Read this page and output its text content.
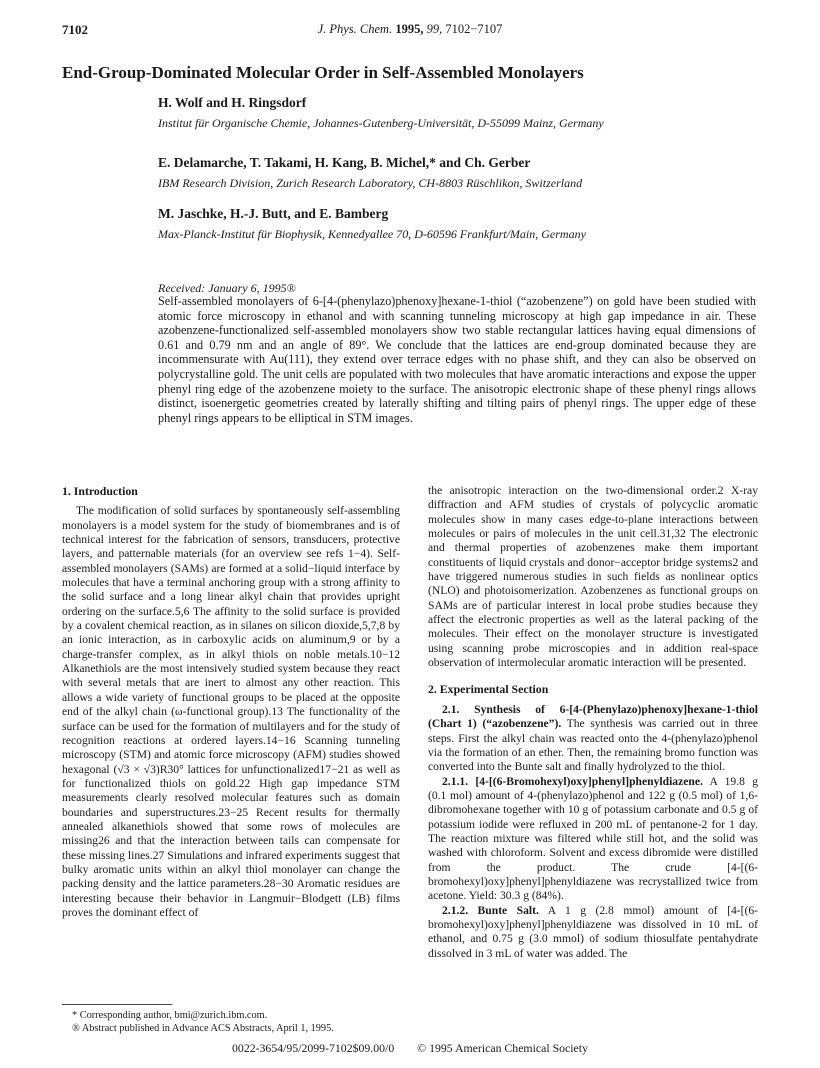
7102	J. Phys. Chem. 1995, 99, 7102−7107
End-Group-Dominated Molecular Order in Self-Assembled Monolayers
H. Wolf and H. Ringsdorf
Institut für Organische Chemie, Johannes-Gutenberg-Universität, D-55099 Mainz, Germany
E. Delamarche, T. Takami, H. Kang, B. Michel,* and Ch. Gerber
IBM Research Division, Zurich Research Laboratory, CH-8803 Rüschlikon, Switzerland
M. Jaschke, H.-J. Butt, and E. Bamberg
Max-Planck-Institut für Biophysik, Kennedyallee 70, D-60596 Frankfurt/Main, Germany
Received: January 6, 1995®

Self-assembled monolayers of 6-[4-(phenylazo)phenoxy]hexane-1-thiol (“azobenzene”) on gold have been studied with atomic force microscopy in ethanol and with scanning tunneling microscopy at high gap impedance in air. These azobenzene-functionalized self-assembled monolayers show two stable rectangular lattices having equal dimensions of 0.61 and 0.79 nm and an angle of 89°. We conclude that the lattices are end-group dominated because they are incommensurate with Au(111), they extend over terrace edges with no phase shift, and they can also be observed on polycrystalline gold. The unit cells are populated with two molecules that have aromatic interactions and expose the upper phenyl ring edge of the azobenzene moiety to the surface. The anisotropic electronic shape of these phenyl rings allows distinct, isoenergetic geometries created by laterally shifting and tilting pairs of phenyl rings. The upper edge of these phenyl rings appears to be elliptical in STM images.

1. Introduction

The modification of solid surfaces by spontaneously self-assembling monolayers is a model system for the study of biomembranes and is of technical interest for the fabrication of sensors, transducers, protective layers, and patternable materials (for an overview see refs 1−4). Self-assembled monolayers (SAMs) are formed at a solid−liquid interface by molecules that have a terminal anchoring group with a strong affinity to the solid surface and a long linear alkyl chain that provides upright ordering on the surface.5,6 The affinity to the solid surface is provided by a covalent chemical reaction, as in silanes on silicon dioxide,5,7,8 by an ionic interaction, as in carboxylic acids on aluminum,9 or by a charge-transfer complex, as in alkyl thiols on noble metals.10−12 Alkanethiols are the most intensively studied system because they react with several metals that are inert to almost any other reaction. This allows a wide variety of functional groups to be placed at the opposite end of the alkyl chain (ω-functional group).13 The functionality of the surface can be used for the formation of multilayers and for the study of recognition reactions at ordered layers.14−16 Scanning tunneling microscopy (STM) and atomic force microscopy (AFM) studies showed hexagonal (√3 × √3)R30° lattices for unfunctionalized17−21 as well as for functionalized thiols on gold.22 High gap impedance STM measurements clearly resolved molecular features such as domain boundaries and superstructures.23−25 Recent results for thermally annealed alkanethiols showed that some rows of molecules are missing26 and that the interaction between tails can compensate for these missing lines.27 Simulations and infrared experiments suggest that bulky aromatic units within an alkyl thiol monolayer can change the packing density and the lattice parameters.28−30 Aromatic residues are interesting because their behavior in Langmuir−Blodgett (LB) films proves the dominant effect of

the anisotropic interaction on the two-dimensional order.2 X-ray diffraction and AFM studies of crystals of polycyclic aromatic molecules show in many cases edge-to-plane interactions between molecules or pairs of molecules in the unit cell.31,32 The electronic and thermal properties of azobenzenes make them important constituents of liquid crystals and donor−acceptor bridge systems2 and have triggered numerous studies in such fields as nonlinear optics (NLO) and photoisomerization. Azobenzenes as functional groups on SAMs are of particular interest in local probe studies because they affect the electronic properties as well as the lateral packing of the molecules. Their effect on the monolayer structure is investigated using scanning probe microscopies and in addition real-space observation of intermolecular aromatic interaction will be presented.

2. Experimental Section

2.1. Synthesis of 6-[4-(Phenylazo)phenoxy]hexane-1-thiol (Chart 1) (“azobenzene”). The synthesis was carried out in three steps. First the alkyl chain was reacted onto the 4-(phenylazo)phenol via the formation of an ether. Then, the remaining bromo function was converted into the Bunte salt and finally hydrolyzed to the thiol.

2.1.1. [4-[(6-Bromohexyl)oxy]phenyl]phenyldiazene. A 19.8 g (0.1 mol) amount of 4-(phenylazo)phenol and 122 g (0.5 mol) of 1,6-dibromohexane together with 10 g of potassium carbonate and 0.5 g of potassium iodide were refluxed in 200 mL of pentanone-2 for 1 day. The reaction mixture was filtered while still hot, and the solid was washed with chloroform. Solvent and excess dibromide were distilled from the product. The crude [4-[(6-bromohexyl)oxy]phenyl]phenyldiazene was recrystallized twice from acetone. Yield: 30.3 g (84%).

2.1.2. Bunte Salt. A 1 g (2.8 mmol) amount of [4-[(6-bromohexyl)oxy]phenyl]phenyldiazene was dissolved in 10 mL of ethanol, and 0.75 g (3.0 mmol) of sodium thiosulfate pentahydrate dissolved in 3 mL of water was added. The

* Corresponding author, bmi@zurich.ibm.com.
® Abstract published in Advance ACS Abstracts, April 1, 1995.
0022-3654/95/2099-7102$09.00/0 © 1995 American Chemical Society
